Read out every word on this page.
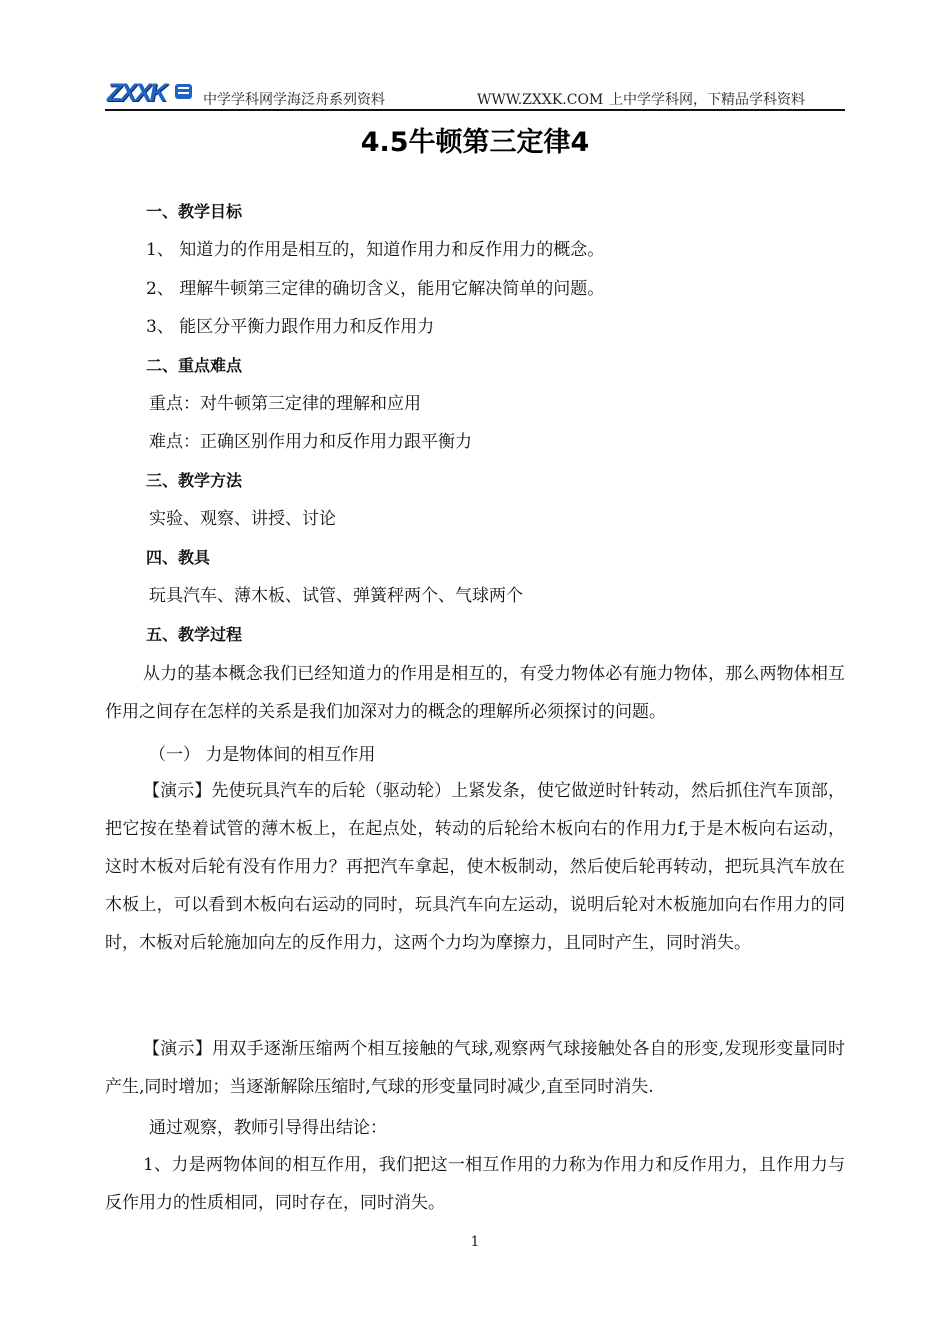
ZXXK	中学学科网学海泛舟系列资料	WWW.ZXXK.COM 上中学学科网，下精品学科资料
4.5牛顿第三定律4
一、教学目标
1、 知道力的作用是相互的，知道作用力和反作用力的概念。
2、 理解牛顿第三定律的确切含义，能用它解决简单的问题。
3、 能区分平衡力跟作用力和反作用力
二、重点难点
重点：对牛顿第三定律的理解和应用
难点：正确区别作用力和反作用力跟平衡力
三、教学方法
实验、观察、讲授、讨论
四、教具
玩具汽车、薄木板、试管、弹簧秤两个、气球两个
五、教学过程
从力的基本概念我们已经知道力的作用是相互的，有受力物体必有施力物体，那么两物体相互作用之间存在怎样的关系是我们加深对力的概念的理解所必须探讨的问题。
（一） 力是物体间的相互作用
【演示】先使玩具汽车的后轮（驱动轮）上紧发条，使它做逆时针转动，然后抓住汽车顶部，把它按在垫着试管的薄木板上，在起点处，转动的后轮给木板向右的作用力f,于是木板向右运动，这时木板对后轮有没有作用力？再把汽车拿起，使木板制动，然后使后轮再转动，把玩具汽车放在木板上，可以看到木板向右运动的同时，玩具汽车向左运动，说明后轮对木板施加向右作用力的同时，木板对后轮施加向左的反作用力，这两个力均为摩擦力，且同时产生，同时消失。
【演示】用双手逐渐压缩两个相互接触的气球,观察两气球接触处各自的形变,发现形变量同时产生,同时增加；当逐渐解除压缩时,气球的形变量同时减少,直至同时消失.
通过观察，教师引导得出结论：
1、力是两物体间的相互作用，我们把这一相互作用的力称为作用力和反作用力，且作用力与反作用力的性质相同，同时存在，同时消失。
1
